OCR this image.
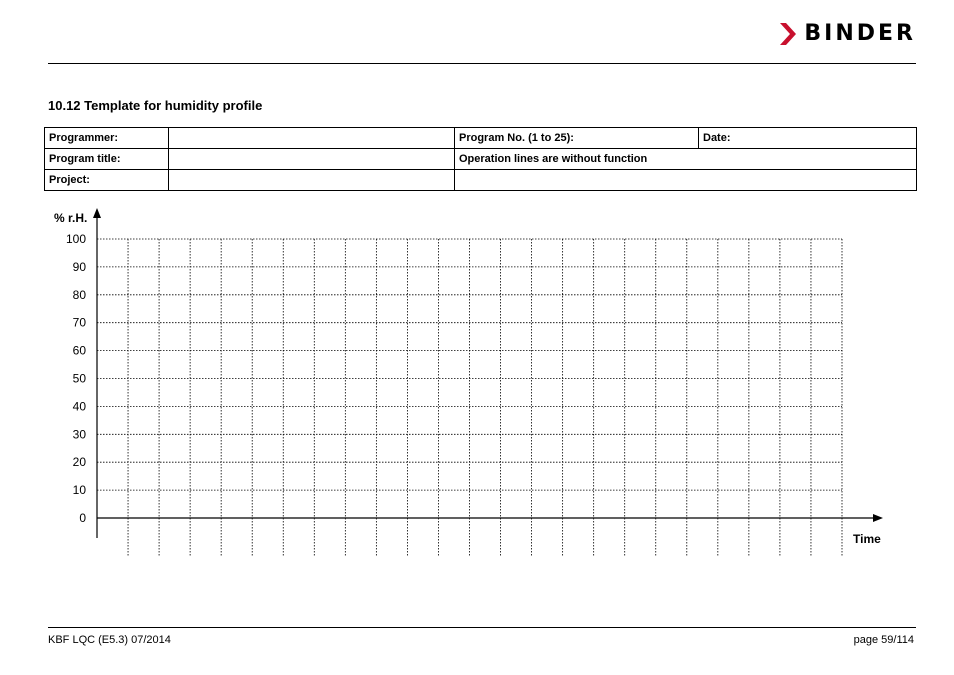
BINDER
10.12 Template for humidity profile
Programmer:		Program No. (1 to 25):	Date:
Program title:		Operation lines are without function	
Project:			
% r.H.
Time
0
10
20
30
40
50
60
70
80
90
100
KBF LQC (E5.3) 07/2014	page 59/114
